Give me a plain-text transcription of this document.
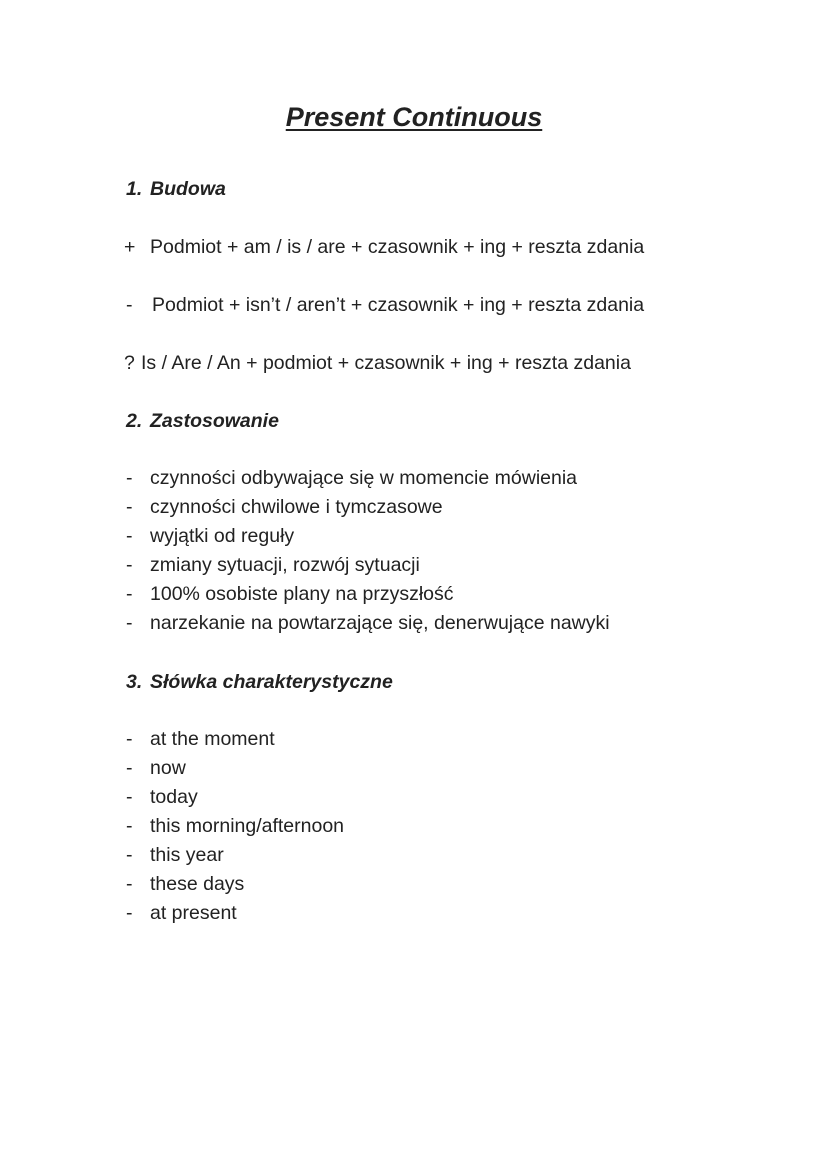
Present Continuous
1. Budowa
+ Podmiot + am / is / are + czasownik + ing + reszta zdania
- Podmiot + isn’t / aren’t + czasownik + ing + reszta zdania
? Is / Are / An + podmiot + czasownik + ing + reszta zdania
2. Zastosowanie
- czynności odbywające się w momencie mówienia
- czynności chwilowe i tymczasowe
- wyjątki od reguły
- zmiany sytuacji, rozwój sytuacji
- 100% osobiste plany na przyszłość
- narzekanie na powtarzające się, denerwujące nawyki
3. Słówka charakterystyczne
- at the moment
- now
- today
- this morning/afternoon
- this year
- these days
- at present
